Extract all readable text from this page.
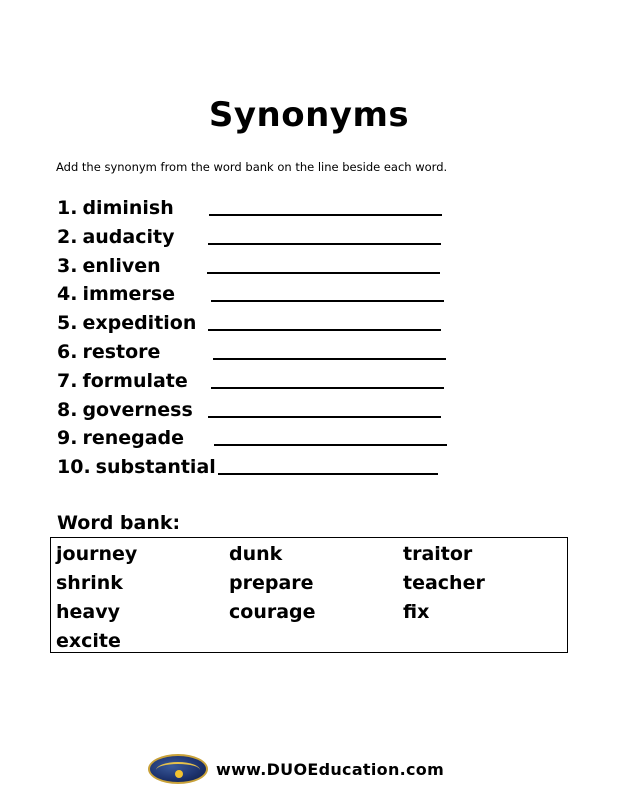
Synonyms
Add the synonym from the word bank on the line beside each word.
1. diminish
2. audacity
3. enliven
4. immerse
5. expedition
6. restore
7. formulate
8. governess
9. renegade
10. substantial
Word bank:
journey	dunk	traitor
shrink	prepare	teacher
heavy	courage	fix
excite
www.DUOEducation.com
